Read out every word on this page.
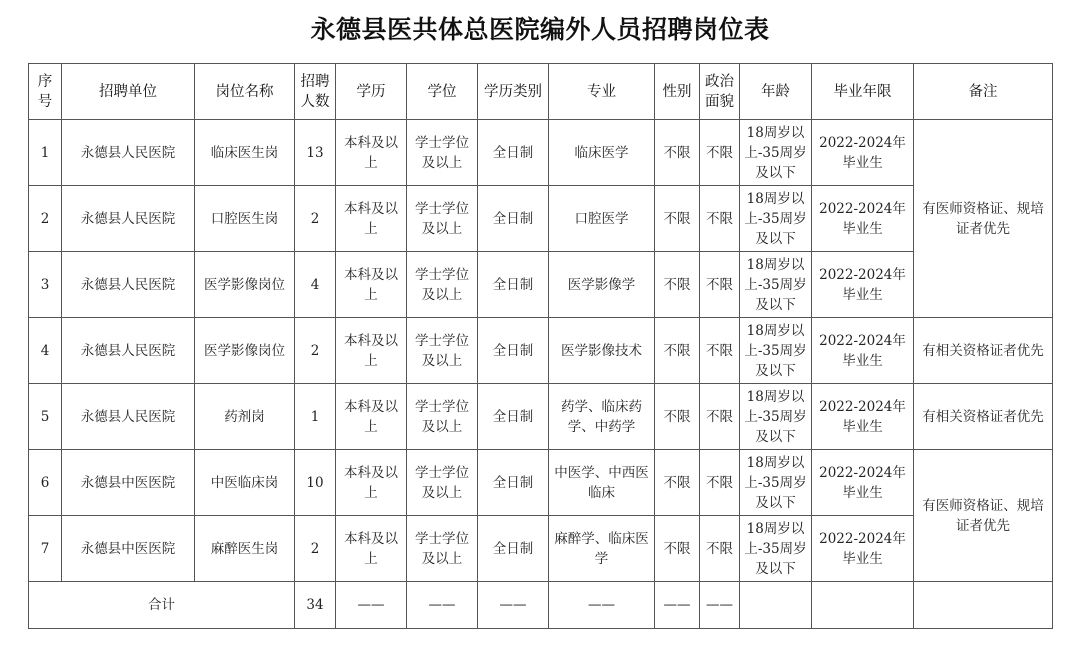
永德县医共体总医院编外人员招聘岗位表
序号	招聘单位	岗位名称	招聘人数	学历	学位	学历类别	专业	性别	政治面貌	年龄	毕业年限	备注
1	永德县人民医院	临床医生岗	13	本科及以上	学士学位及以上	全日制	临床医学	不限	不限	18周岁以上-35周岁及以下	2022-2024年毕业生	有医师资格证、规培证者优先
2	永德县人民医院	口腔医生岗	2	本科及以上	学士学位及以上	全日制	口腔医学	不限	不限	18周岁以上-35周岁及以下	2022-2024年毕业生	
3	永德县人民医院	医学影像岗位	4	本科及以上	学士学位及以上	全日制	医学影像学	不限	不限	18周岁以上-35周岁及以下	2022-2024年毕业生	
4	永德县人民医院	医学影像岗位	2	本科及以上	学士学位及以上	全日制	医学影像技术	不限	不限	18周岁以上-35周岁及以下	2022-2024年毕业生	有相关资格证者优先
5	永德县人民医院	药剂岗	1	本科及以上	学士学位及以上	全日制	药学、临床药学、中药学	不限	不限	18周岁以上-35周岁及以下	2022-2024年毕业生	有相关资格证者优先
6	永德县中医医院	中医临床岗	10	本科及以上	学士学位及以上	全日制	中医学、中西医临床	不限	不限	18周岁以上-35周岁及以下	2022-2024年毕业生	有医师资格证、规培证者优先
7	永德县中医医院	麻醉医生岗	2	本科及以上	学士学位及以上	全日制	麻醉学、临床医学	不限	不限	18周岁以上-35周岁及以下	2022-2024年毕业生	
合计			34	——	——	——	——	——	——			
